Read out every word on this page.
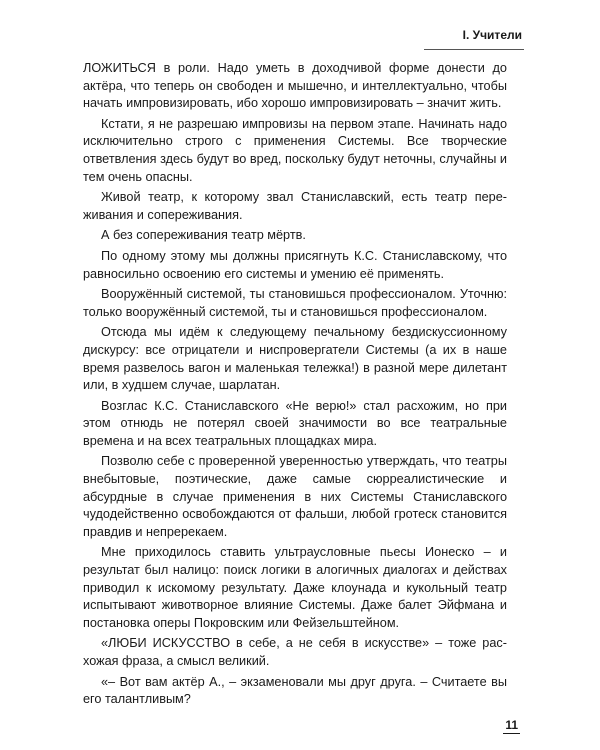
I. Учители

ЛОЖИТЬСЯ в роли. Надо уметь в доходчивой форме донести до актёра, что теперь он свободен и мышечно, и интеллектуально, чтобы начать импровизировать, ибо хорошо импровизировать – значит жить.

Кстати, я не разрешаю импровизы на первом этапе. Начинать надо исключительно строго с применения Системы. Все творческие ответвления здесь будут во вред, поскольку будут неточны, случайны и тем очень опасны.

Живой театр, к которому звал Станиславский, есть театр переживания и сопереживания.

А без сопереживания театр мёртв.

По одному этому мы должны присягнуть К.С. Станиславскому, что равносильно освоению его системы и умению её применять.

Вооружённый системой, ты становишься профессионалом. Уточню: только вооружённый системой, ты и становишься профессионалом.

Отсюда мы идём к следующему печальному бездискуссионному дискурсу: все отрицатели и ниспровергатели Системы (а их в наше время развелось вагон и маленькая тележка!) в разной мере дилетант или, в худшем случае, шарлатан.

Возглас К.С. Станиславского «Не верю!» стал расхожим, но при этом отнюдь не потерял своей значимости во все театральные времена и на всех театральных площадках мира.

Позволю себе с проверенной уверенностью утверждать, что театры внебытовые, поэтические, даже самые сюрреалистические и абсурдные в случае применения в них Системы Станиславского чудодейственно освобождаются от фальши, любой гротеск становится правдив и непререкаем.

Мне приходилось ставить ультраусловные пьесы Ионеско – и результат был налицо: поиск логики в алогичных диалогах и действах приводил к искомому результату. Даже клоунада и кукольный театр испытывают животворное влияние Системы. Даже балет Эйфмана и постановка оперы Покровским или Фейзельштейном.

«ЛЮБИ ИСКУССТВО в себе, а не себя в искусстве» – тоже расхожая фраза, а смысл великий.

«– Вот вам актёр А., – экзаменовали мы друг друга. – Считаете вы его талантливым?

11
